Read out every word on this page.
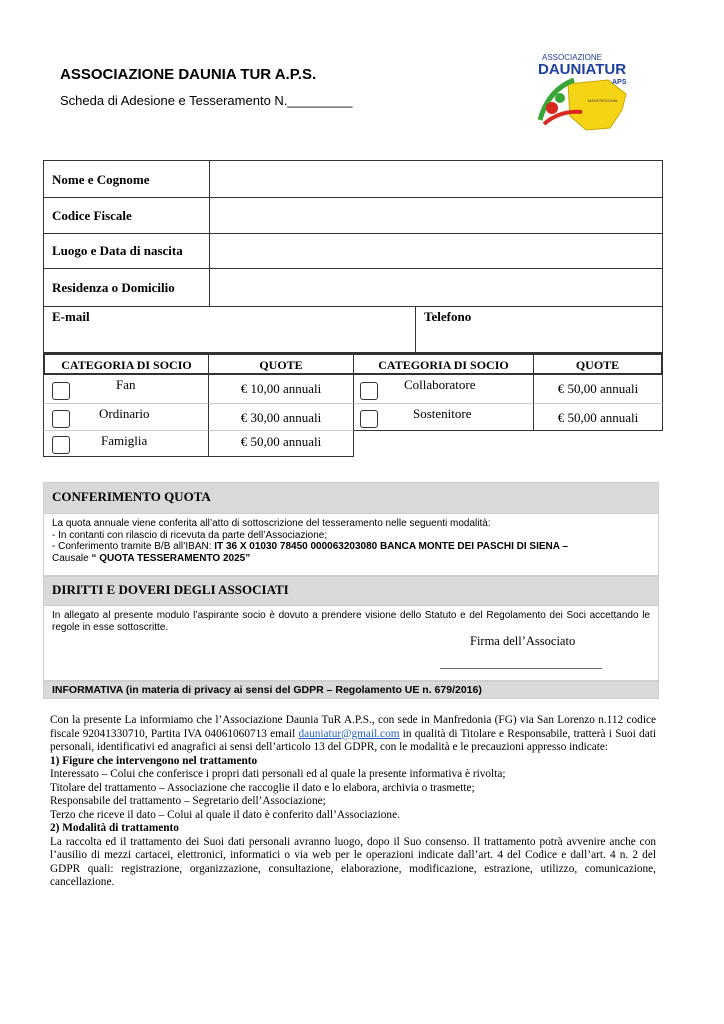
ASSOCIAZIONE DAUNIA TUR A.P.S.
Scheda di Adesione e Tesseramento N._________
ASSOCIAZIONE
DAUNIATUR
APS
MANFREDONIA
Nome e Cognome
Codice Fiscale
Luogo e Data di nascita
Residenza o Domicilio
E-mail	Telefono
CATEGORIA DI SOCIO	QUOTE	CATEGORIA DI SOCIO	QUOTE
Fan	€ 10,00 annuali	Collaboratore	€ 50,00 annuali
Ordinario	€ 30,00 annuali	Sostenitore	€ 50,00 annuali
Famiglia	€ 50,00 annuali
CONFERIMENTO QUOTA
La quota annuale viene conferita all’atto di sottoscrizione del tesseramento nelle seguenti modalità:
- In contanti con rilascio di ricevuta da parte dell’Associazione;
- Conferimento tramite B/B all’IBAN: IT 36 X 01030 78450 000063203080 BANCA MONTE DEI PASCHI DI SIENA –
Causale “ QUOTA TESSERAMENTO 2025”
DIRITTI E DOVERI DEGLI ASSOCIATI
In allegato al presente modulo l’aspirante socio è dovuto a prendere visione dello Statuto e del Regolamento dei Soci accettando le regole in esse sottoscritte.
Firma dell’Associato
___________________________
INFORMATIVA (in materia di privacy ai sensi del GDPR – Regolamento UE n. 679/2016)
Con la presente La informiamo che l’Associazione Daunia TuR A.P.S., con sede in Manfredonia (FG) via San Lorenzo n.112 codice fiscale 92041330710, Partita IVA 04061060713 email dauniatur@gmail.com in qualità di Titolare e Responsabile, tratterà i Suoi dati personali, identificativi ed anagrafici ai sensi dell’articolo 13 del GDPR, con le modalità e le precauzioni appresso indicate:
1) Figure che intervengono nel trattamento
Interessato – Colui che conferisce i propri dati personali ed al quale la presente informativa è rivolta;
Titolare del trattamento – Associazione che raccoglie il dato e lo elabora, archivia o trasmette;
Responsabile del trattamento – Segretario dell’Associazione;
Terzo che riceve il dato – Colui al quale il dato è conferito dall’Associazione.
2) Modalità di trattamento
La raccolta ed il trattamento dei Suoi dati personali avranno luogo, dopo il Suo consenso. Il trattamento potrà avvenire anche con l’ausilio di mezzi cartacei, elettronici, informatici o via web per le operazioni indicate dall’art. 4 del Codice e dall’art. 4 n. 2 del GDPR quali: registrazione, organizzazione, consultazione, elaborazione, modificazione, estrazione, utilizzo, comunicazione, cancellazione.
